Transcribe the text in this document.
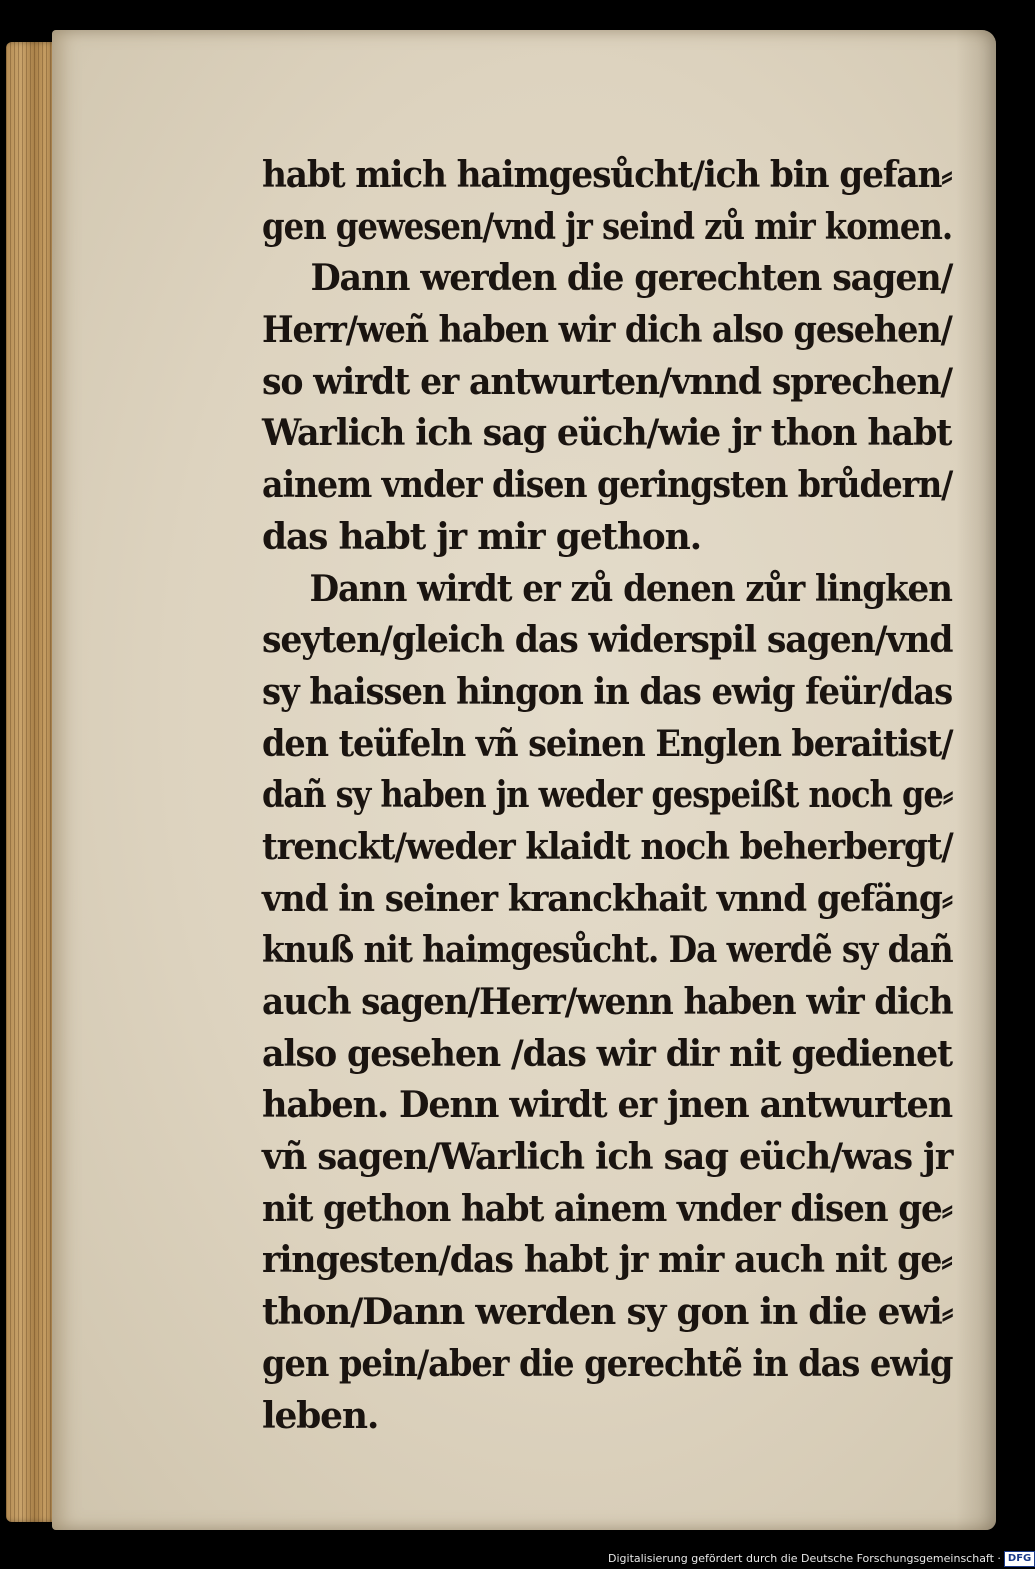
habt mich haimgesůcht/ich bin gefan⸗
gen gewesen/vnd jr seind zů mir komen.
Dann werden die gerechten sagen/
Herr/weñ haben wir dich also gesehen/
so wirdt er antwurten/vnnd sprechen/
Warlich ich sag eüch/wie jr thon habt
ainem vnder disen geringsten brůdern/
das habt jr mir gethon.
Dann wirdt er zů denen zůr lingken
seyten/gleich das widerspil sagen/vnd
sy haissen hingon in das ewig feür/das
den teüfeln vñ seinen Englen beraitist/
dañ sy haben jn weder gespeißt noch ge⸗
trenckt/weder klaidt noch beherbergt/
vnd in seiner kranckhait vnnd gefäng⸗
knuß nit haimgesůcht. Da werdẽ sy dañ
auch sagen/Herr/wenn haben wir dich
also gesehen /das wir dir nit gedienet
haben. Denn wirdt er jnen antwurten
vñ sagen/Warlich ich sag eüch/was jr
nit gethon habt ainem vnder disen ge⸗
ringesten/das habt jr mir auch nit ge⸗
thon/Dann werden sy gon in die ewi⸗
gen pein/aber die gerechtẽ in das ewig
leben.
Digitalisierung gefördert durch die Deutsche Forschungsgemeinschaft · DFG
